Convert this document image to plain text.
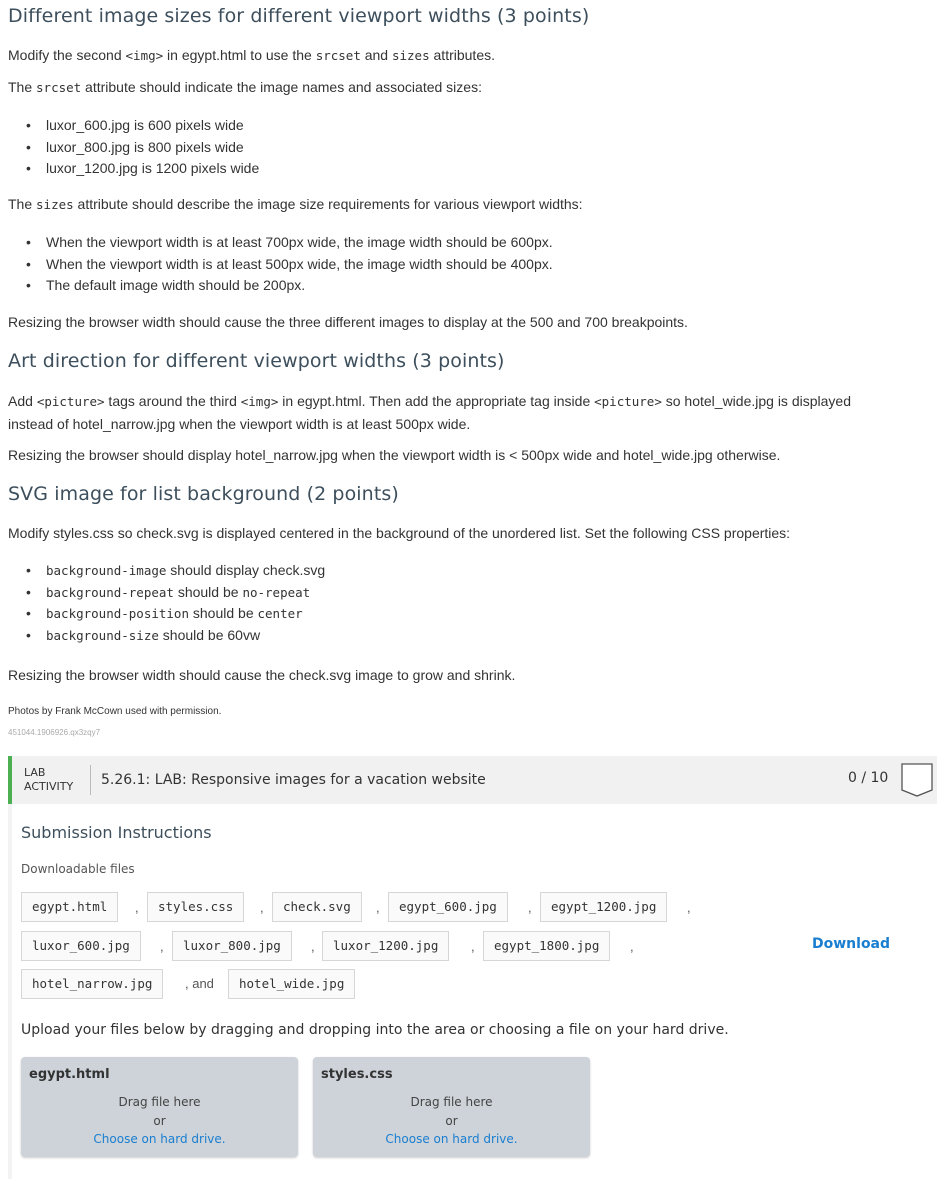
Different image sizes for different viewport widths (3 points)

Modify the second <img> in egypt.html to use the srcset and sizes attributes.

The srcset attribute should indicate the image names and associated sizes:

• luxor_600.jpg is 600 pixels wide
• luxor_800.jpg is 800 pixels wide
• luxor_1200.jpg is 1200 pixels wide

The sizes attribute should describe the image size requirements for various viewport widths:

• When the viewport width is at least 700px wide, the image width should be 600px.
• When the viewport width is at least 500px wide, the image width should be 400px.
• The default image width should be 200px.

Resizing the browser width should cause the three different images to display at the 500 and 700 breakpoints.

Art direction for different viewport widths (3 points)

Add <picture> tags around the third <img> in egypt.html. Then add the appropriate tag inside <picture> so hotel_wide.jpg is displayed
instead of hotel_narrow.jpg when the viewport width is at least 500px wide.

Resizing the browser should display hotel_narrow.jpg when the viewport width is < 500px wide and hotel_wide.jpg otherwise.

SVG image for list background (2 points)

Modify styles.css so check.svg is displayed centered in the background of the unordered list. Set the following CSS properties:

• background-image should display check.svg
• background-repeat should be no-repeat
• background-position should be center
• background-size should be 60vw

Resizing the browser width should cause the check.svg image to grow and shrink.

Photos by Frank McCown used with permission.
451044.1906926.qx3zqy7
LAB
ACTIVITY 5.26.1: LAB: Responsive images for a vacation website	0 / 10
Submission Instructions
Downloadable files
egypt.html	,	styles.css	,	check.svg	,	egypt_600.jpg	,	egypt_1200.jpg	,
luxor_600.jpg	,	luxor_800.jpg	,	luxor_1200.jpg	,	egypt_1800.jpg	,	Download
hotel_narrow.jpg	, and	hotel_wide.jpg
Upload your files below by dragging and dropping into the area or choosing a file on your hard drive.
egypt.html
Drag file here
or
Choose on hard drive.
styles.css
Drag file here
or
Choose on hard drive.
